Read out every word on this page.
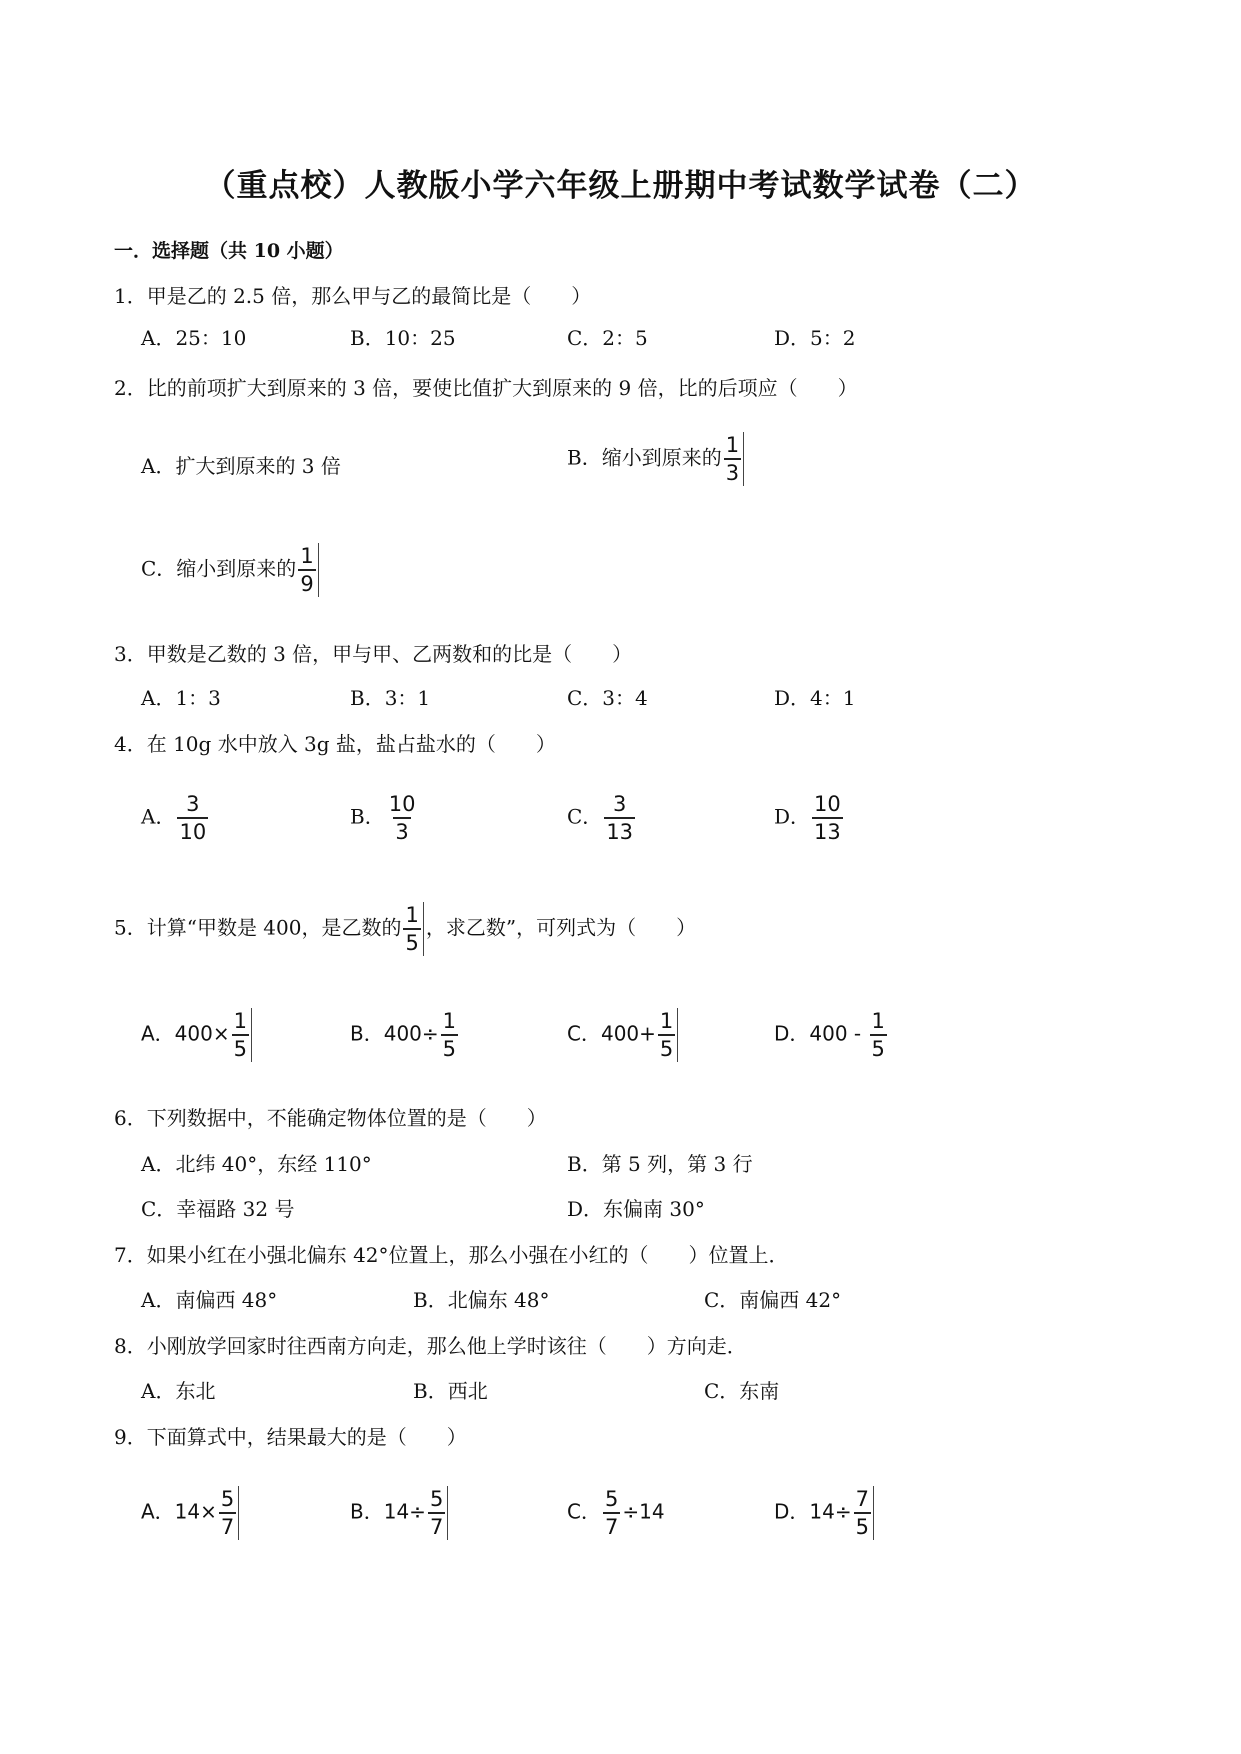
（重点校）人教版小学六年级上册期中考试数学试卷（二）
一．选择题（共 10 小题）
1．甲是乙的 2.5 倍，那么甲与乙的最简比是（　　）
A．25：10	B．10：25	C．2：5	D．5：2
2．比的前项扩大到原来的 3 倍，要使比值扩大到原来的 9 倍，比的后项应（　　）
A．扩大到原来的 3 倍	B．缩小到原来的 $\frac{1}{3}$
C．缩小到原来的 $\frac{1}{9}$
3．甲数是乙数的 3 倍，甲与甲、乙两数和的比是（　　）
A．1：3	B．3：1	C．3：4	D．4：1
4．在 10g 水中放入 3g 盐，盐占盐水的（　　）
A． $\frac{3}{10}$	B． $\frac{10}{3}$	C． $\frac{3}{13}$	D． $\frac{10}{13}$
5．计算“甲数是 400，是乙数的 $\frac{1}{5}$ ，求乙数”，可列式为（　　）
A．$400\times \frac{1}{5}$	B．$400\div \frac{1}{5}$	C．$400+ \frac{1}{5}$	D．$400 - \frac{1}{5}$
6．下列数据中，不能确定物体位置的是（　　）
A．北纬 40°，东经 110°	B．第 5 列，第 3 行
C．幸福路 32 号	D．东偏南 30°
7．如果小红在小强北偏东 42°位置上，那么小强在小红的（　　）位置上．
A．南偏西 48°	B．北偏东 48°	C．南偏西 42°
8．小刚放学回家时往西南方向走，那么他上学时该往（　　）方向走．
A．东北	B．西北	C．东南
9．下面算式中，结果最大的是（　　）
A．$14\times \frac{5}{7}$	B．$14\div \frac{5}{7}$	C． $\frac{5}{7} \div 14$	D．$14\div \frac{7}{5}$
